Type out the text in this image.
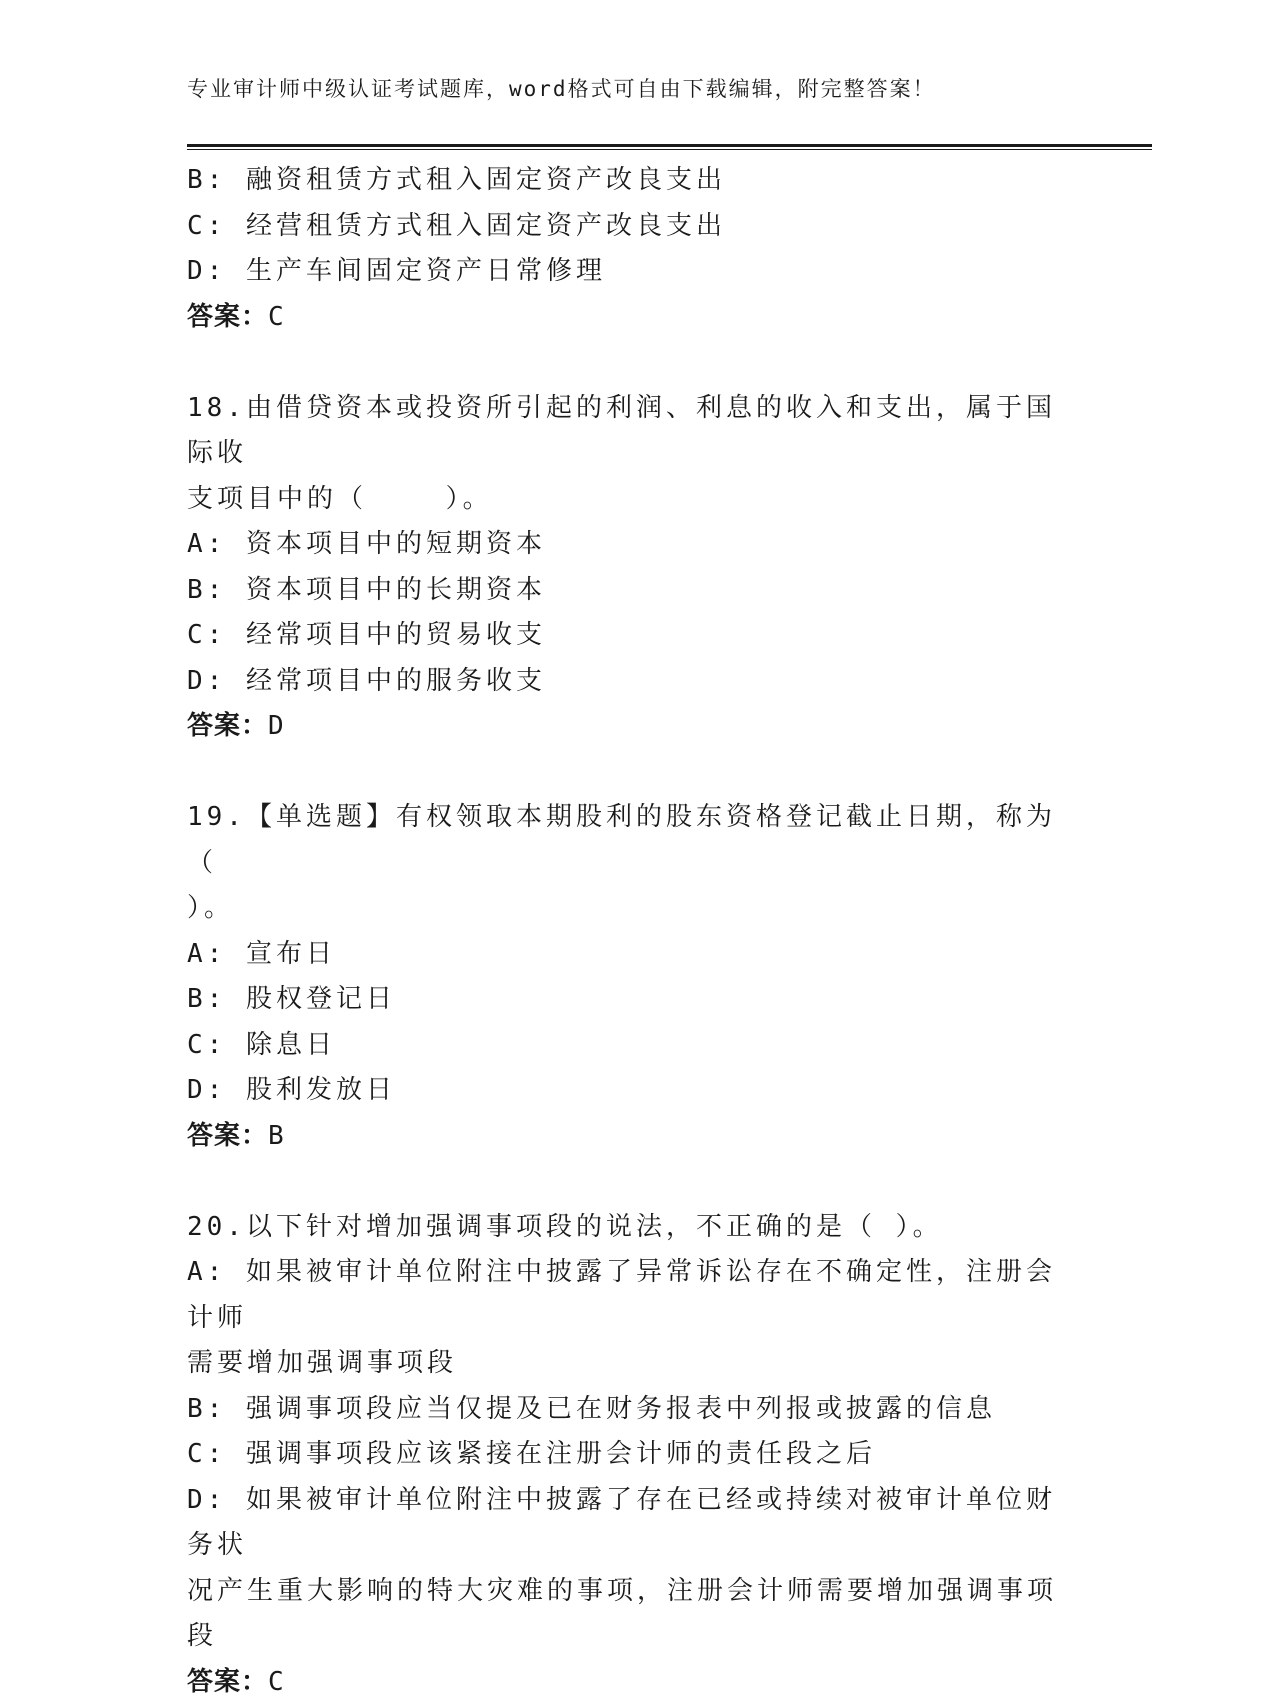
专业审计师中级认证考试题库，word格式可自由下载编辑，附完整答案！

B: 融资租赁方式租入固定资产改良支出

C: 经营租赁方式租入固定资产改良支出

D: 生产车间固定资产日常修理

答案：C

18.由借贷资本或投资所引起的利润、利息的收入和支出，属于国际收

支项目中的（    ）。

A: 资本项目中的短期资本

B: 资本项目中的长期资本

C: 经常项目中的贸易收支

D: 经常项目中的服务收支

答案：D

19.【单选题】有权领取本期股利的股东资格登记截止日期，称为（

）。

A: 宣布日

B: 股权登记日

C: 除息日

D: 股利发放日

答案：B

20.以下针对增加强调事项段的说法，不正确的是（ ）。

A: 如果被审计单位附注中披露了异常诉讼存在不确定性，注册会计师

需要增加强调事项段

B: 强调事项段应当仅提及已在财务报表中列报或披露的信息

C: 强调事项段应该紧接在注册会计师的责任段之后

D: 如果被审计单位附注中披露了存在已经或持续对被审计单位财务状

况产生重大影响的特大灾难的事项，注册会计师需要增加强调事项段

答案：C
